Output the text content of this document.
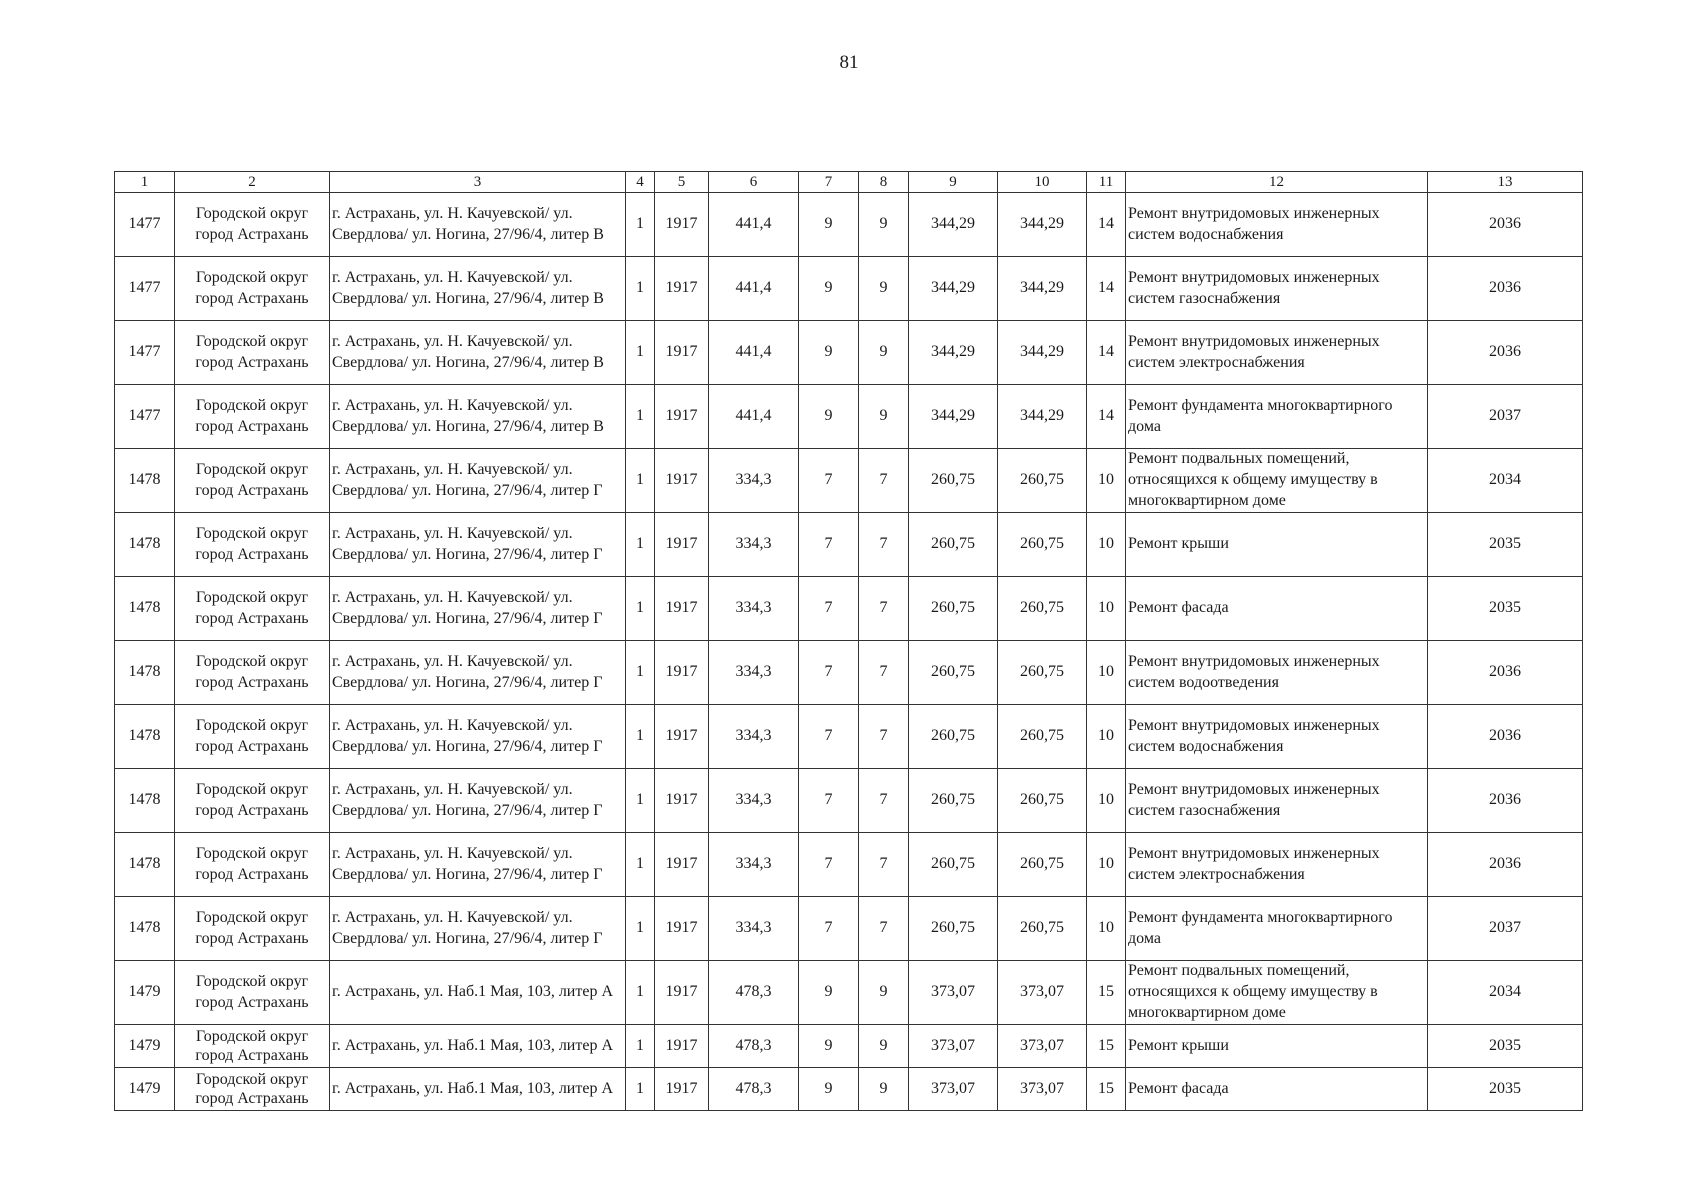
81
1	2	3	4	5	6	7	8	9	10	11	12	13
1477	Городской округ город Астрахань	г. Астрахань, ул. Н. Качуевской/ ул. Свердлова/ ул. Ногина, 27/96/4, литер В	1	1917	441,4	9	9	344,29	344,29	14	Ремонт внутридомовых инженерных систем водоснабжения	2036
1477	Городской округ город Астрахань	г. Астрахань, ул. Н. Качуевской/ ул. Свердлова/ ул. Ногина, 27/96/4, литер В	1	1917	441,4	9	9	344,29	344,29	14	Ремонт внутридомовых инженерных систем газоснабжения	2036
1477	Городской округ город Астрахань	г. Астрахань, ул. Н. Качуевской/ ул. Свердлова/ ул. Ногина, 27/96/4, литер В	1	1917	441,4	9	9	344,29	344,29	14	Ремонт внутридомовых инженерных систем электроснабжения	2036
1477	Городской округ город Астрахань	г. Астрахань, ул. Н. Качуевской/ ул. Свердлова/ ул. Ногина, 27/96/4, литер В	1	1917	441,4	9	9	344,29	344,29	14	Ремонт фундамента многоквартирного дома	2037
1478	Городской округ город Астрахань	г. Астрахань, ул. Н. Качуевской/ ул. Свердлова/ ул. Ногина, 27/96/4, литер Г	1	1917	334,3	7	7	260,75	260,75	10	Ремонт подвальных помещений, относящихся к общему имуществу в многоквартирном доме	2034
1478	Городской округ город Астрахань	г. Астрахань, ул. Н. Качуевской/ ул. Свердлова/ ул. Ногина, 27/96/4, литер Г	1	1917	334,3	7	7	260,75	260,75	10	Ремонт крыши	2035
1478	Городской округ город Астрахань	г. Астрахань, ул. Н. Качуевской/ ул. Свердлова/ ул. Ногина, 27/96/4, литер Г	1	1917	334,3	7	7	260,75	260,75	10	Ремонт фасада	2035
1478	Городской округ город Астрахань	г. Астрахань, ул. Н. Качуевской/ ул. Свердлова/ ул. Ногина, 27/96/4, литер Г	1	1917	334,3	7	7	260,75	260,75	10	Ремонт внутридомовых инженерных систем водоотведения	2036
1478	Городской округ город Астрахань	г. Астрахань, ул. Н. Качуевской/ ул. Свердлова/ ул. Ногина, 27/96/4, литер Г	1	1917	334,3	7	7	260,75	260,75	10	Ремонт внутридомовых инженерных систем водоснабжения	2036
1478	Городской округ город Астрахань	г. Астрахань, ул. Н. Качуевской/ ул. Свердлова/ ул. Ногина, 27/96/4, литер Г	1	1917	334,3	7	7	260,75	260,75	10	Ремонт внутридомовых инженерных систем газоснабжения	2036
1478	Городской округ город Астрахань	г. Астрахань, ул. Н. Качуевской/ ул. Свердлова/ ул. Ногина, 27/96/4, литер Г	1	1917	334,3	7	7	260,75	260,75	10	Ремонт внутридомовых инженерных систем электроснабжения	2036
1478	Городской округ город Астрахань	г. Астрахань, ул. Н. Качуевской/ ул. Свердлова/ ул. Ногина, 27/96/4, литер Г	1	1917	334,3	7	7	260,75	260,75	10	Ремонт фундамента многоквартирного дома	2037
1479	Городской округ город Астрахань	г. Астрахань, ул. Наб.1 Мая, 103, литер А	1	1917	478,3	9	9	373,07	373,07	15	Ремонт подвальных помещений, относящихся к общему имуществу в многоквартирном доме	2034
1479	Городской округ город Астрахань	г. Астрахань, ул. Наб.1 Мая, 103, литер А	1	1917	478,3	9	9	373,07	373,07	15	Ремонт крыши	2035
1479	Городской округ город Астрахань	г. Астрахань, ул. Наб.1 Мая, 103, литер А	1	1917	478,3	9	9	373,07	373,07	15	Ремонт фасада	2035
